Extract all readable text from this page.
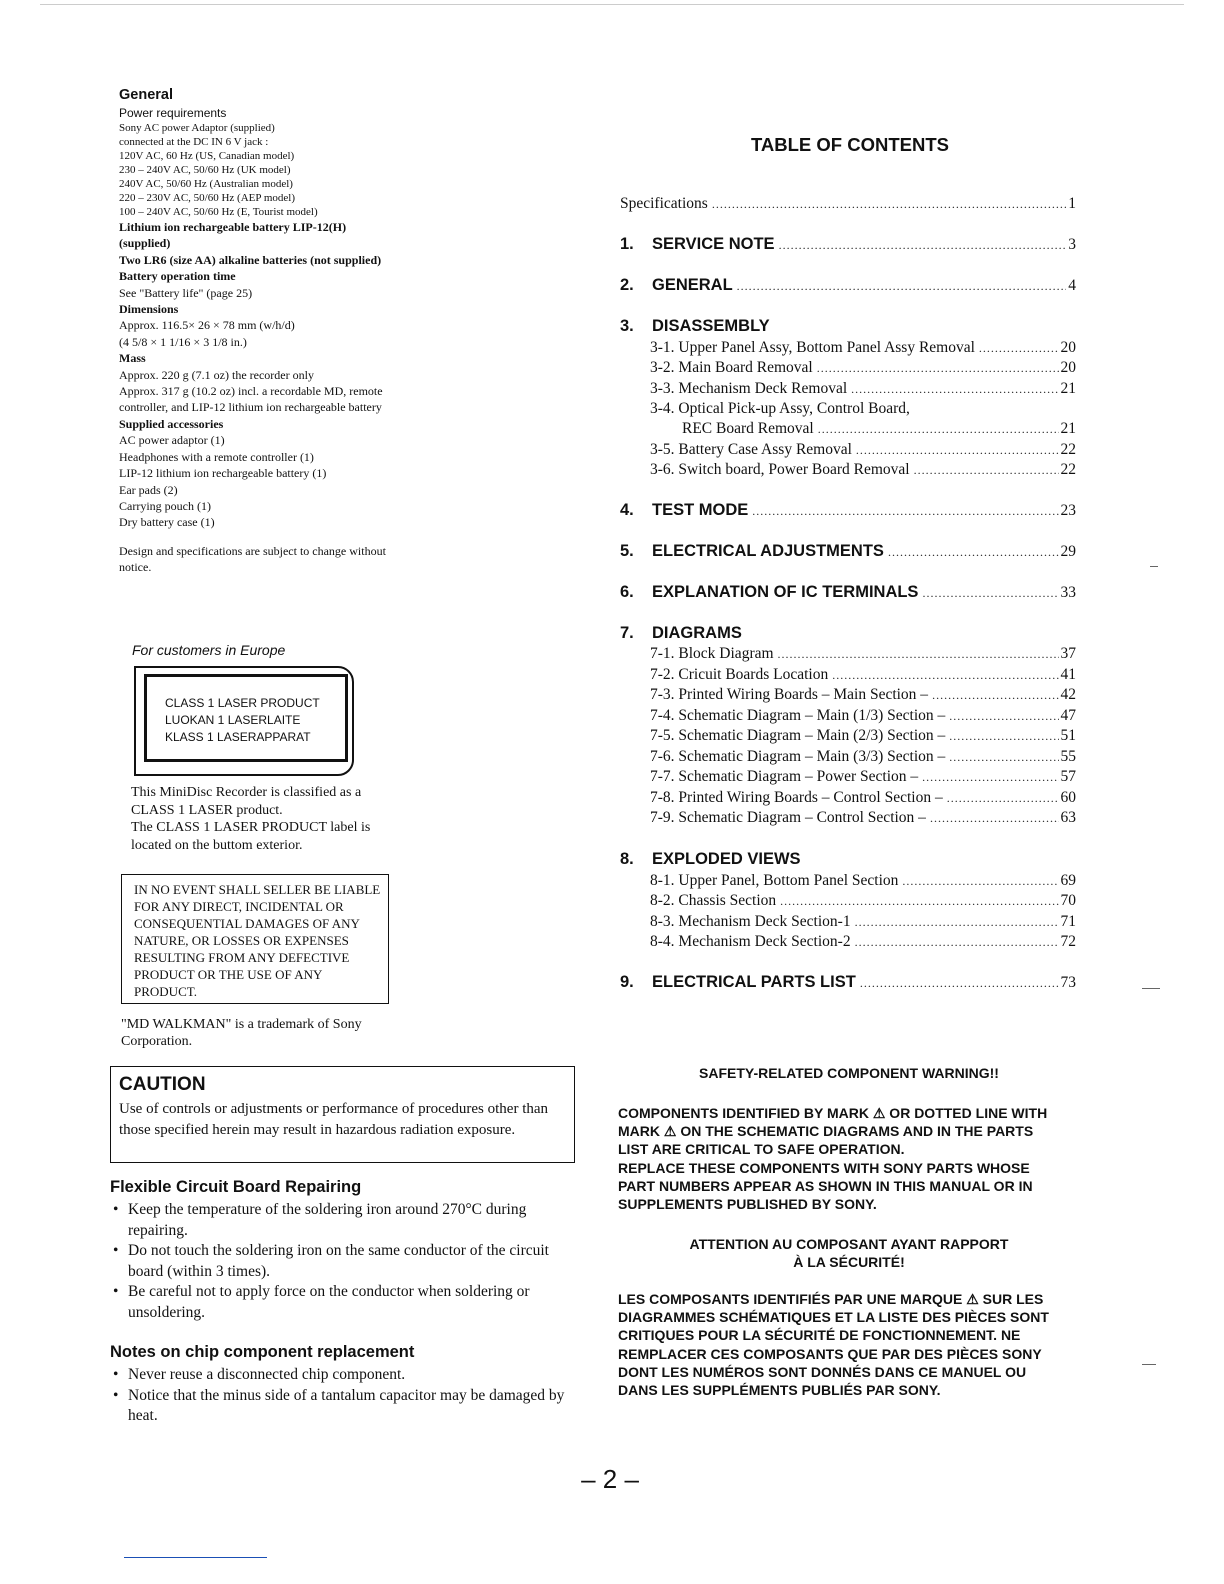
General
Power requirements
Sony AC power Adaptor (supplied)
connected at the DC IN 6 V jack :
120V AC, 60 Hz (US, Canadian model)
230 – 240V AC, 50/60 Hz (UK model)
240V AC, 50/60 Hz (Australian model)
220 – 230V AC, 50/60 Hz (AEP model)
100 – 240V AC, 50/60 Hz (E, Tourist model)
Lithium ion rechargeable battery LIP-12(H) (supplied)
Two LR6 (size AA) alkaline batteries (not supplied)
Battery operation time
See "Battery life" (page 25)
Dimensions
Approx. 116.5× 26 × 78 mm (w/h/d)
(4 5/8 × 1 1/16 × 3 1/8 in.)
Mass
Approx. 220 g (7.1 oz) the recorder only
Approx. 317 g (10.2 oz) incl. a recordable MD, remote controller, and LIP-12 lithium ion rechargeable battery
Supplied accessories
AC power adaptor (1)
Headphones with a remote controller (1)
LIP-12 lithium ion rechargeable battery (1)
Ear pads (2)
Carrying pouch (1)
Dry battery case (1)
Design and specifications are subject to change without notice.
For customers in Europe
CLASS 1 LASER PRODUCT
LUOKAN 1 LASERLAITE
KLASS 1 LASERAPPARAT
This MiniDisc Recorder is classified as a CLASS 1 LASER product.
The CLASS 1 LASER PRODUCT label is located on the buttom exterior.
IN NO EVENT SHALL SELLER BE LIABLE FOR ANY DIRECT, INCIDENTAL OR CONSEQUENTIAL DAMAGES OF ANY NATURE, OR LOSSES OR EXPENSES RESULTING FROM ANY DEFECTIVE PRODUCT OR THE USE OF ANY PRODUCT.
"MD WALKMAN" is a trademark of Sony Corporation.
CAUTION
Use of controls or adjustments or performance of procedures other than those specified herein may result in hazardous radiation exposure.
Flexible Circuit Board Repairing
• Keep the temperature of the soldering iron around 270°C during repairing.
• Do not touch the soldering iron on the same conductor of the circuit board (within 3 times).
• Be careful not to apply force on the conductor when soldering or unsoldering.
Notes on chip component replacement
• Never reuse a disconnected chip component.
• Notice that the minus side of a tantalum capacitor may be damaged by heat.
TABLE OF CONTENTS
Specifications .....	1
1. SERVICE NOTE .....	3
2. GENERAL .....	4
3. DISASSEMBLY
3-1. Upper Panel Assy, Bottom Panel Assy Removal .....	20
3-2. Main Board Removal .....	20
3-3. Mechanism Deck Removal .....	21
3-4. Optical Pick-up Assy, Control Board,
REC Board Removal .....	21
3-5. Battery Case Assy Removal .....	22
3-6. Switch board, Power Board Removal .....	22
4. TEST MODE .....	23
5. ELECTRICAL ADJUSTMENTS .....	29
6. EXPLANATION OF IC TERMINALS .....	33
7. DIAGRAMS
7-1. Block Diagram .....	37
7-2. Cricuit Boards Location .....	41
7-3. Printed Wiring Boards – Main Section – .....	42
7-4. Schematic Diagram – Main (1/3) Section – .....	47
7-5. Schematic Diagram – Main (2/3) Section – .....	51
7-6. Schematic Diagram – Main (3/3) Section – .....	55
7-7. Schematic Diagram – Power Section – .....	57
7-8. Printed Wiring Boards – Control Section – .....	60
7-9. Schematic Diagram – Control Section – .....	63
8. EXPLODED VIEWS
8-1. Upper Panel, Bottom Panel Section .....	69
8-2. Chassis Section .....	70
8-3. Mechanism Deck Section-1 .....	71
8-4. Mechanism Deck Section-2 .....	72
9. ELECTRICAL PARTS LIST .....	73
SAFETY-RELATED COMPONENT WARNING!!
COMPONENTS IDENTIFIED BY MARK ⚠ OR DOTTED LINE WITH
MARK ⚠ ON THE SCHEMATIC DIAGRAMS AND IN THE PARTS
LIST ARE CRITICAL TO SAFE OPERATION.
REPLACE THESE COMPONENTS WITH SONY PARTS WHOSE
PART NUMBERS APPEAR AS SHOWN IN THIS MANUAL OR IN
SUPPLEMENTS PUBLISHED BY SONY.
ATTENTION AU COMPOSANT AYANT RAPPORT
À LA SÉCURITÉ!
LES COMPOSANTS IDENTIFIÉS PAR UNE MARQUE ⚠ SUR LES
DIAGRAMMES SCHÉMATIQUES ET LA LISTE DES PIÈCES SONT
CRITIQUES POUR LA SÉCURITÉ DE FONCTIONNEMENT. NE
REMPLACER CES COMPOSANTS QUE PAR DES PIÈCES SONY
DONT LES NUMÉROS SONT DONNÉS DANS CE MANUEL OU
DANS LES SUPPLÉMENTS PUBLIÉS PAR SONY.
– 2 –
